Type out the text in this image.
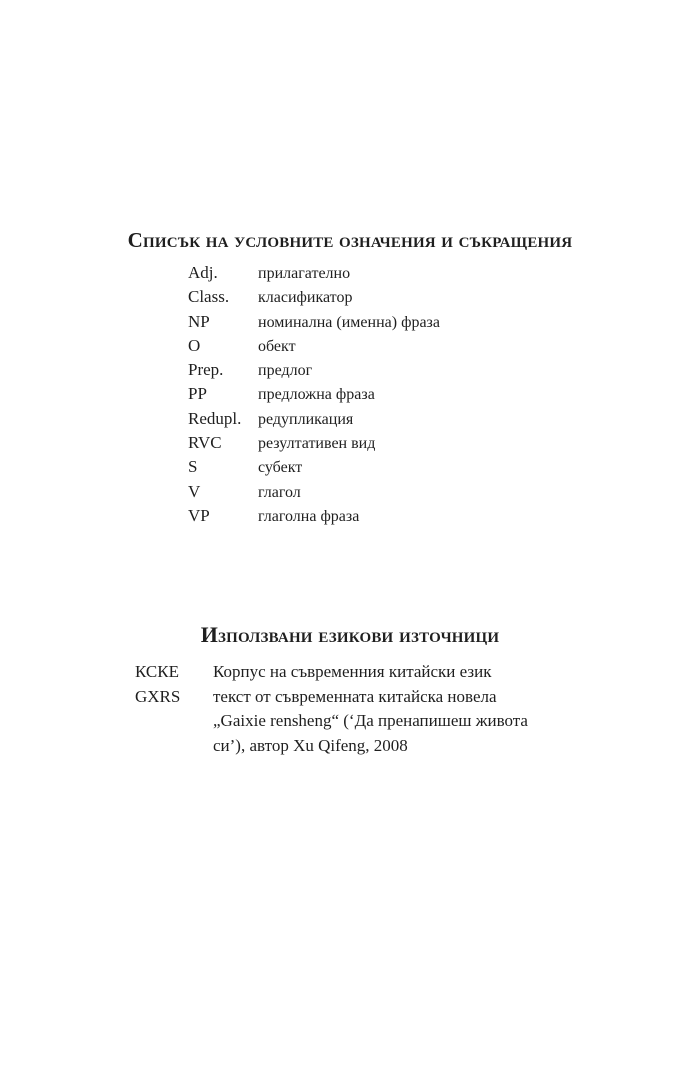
Списък на условните означения и съкращения
Adj.	прилагателно
Class.	класификатор
NP	номинална (именна) фраза
O	обект
Prep.	предлог
PP	предложна фраза
Redupl.	редупликация
RVC	резултативен вид
S	субект
V	глагол
VP	глаголна фраза
Използвани езикови източници
КСКЕ	Корпус на съвременния китайски език
GXRS	текст от съвременната китайска новела „Gaixie rensheng“ (‘Да пренапишеш живота си’), автор Xu Qifeng, 2008
